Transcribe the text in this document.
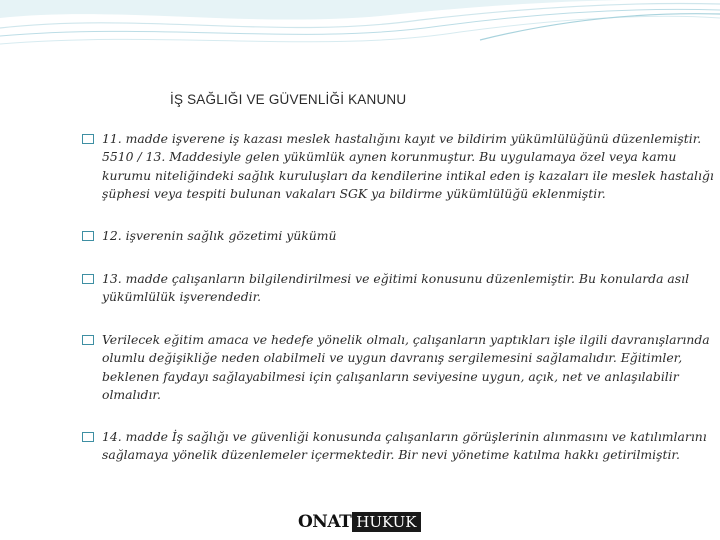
İŞ SAĞLIĞI VE GÜVENLİĞİ KANUNU
11. madde işverene iş kazası meslek hastalığını kayıt ve bildirim yükümlülüğünü düzenlemiştir. 5510 / 13. Maddesiyle gelen yükümlük aynen korunmuştur. Bu uygulamaya özel veya kamu kurumu niteliğindeki sağlık kuruluşları da kendilerine intikal eden iş kazaları ile meslek hastalığı şüphesi veya tespiti bulunan vakaları SGK ya bildirme yükümlülüğü eklenmiştir.
12. işverenin sağlık gözetimi yükümü
13. madde çalışanların bilgilendirilmesi ve eğitimi konusunu düzenlemiştir. Bu konularda asıl yükümlülük işverendedir.
Verilecek eğitim amaca ve hedefe yönelik olmalı, çalışanların yaptıkları işle ilgili davranışlarında olumlu değişikliğe neden olabilmeli ve uygun davranış sergilemesini sağlamalıdır. Eğitimler, beklenen faydayı sağlayabilmesi için çalışanların seviyesine uygun, açık, net ve anlaşılabilir olmalıdır.
14. madde İş sağlığı ve güvenliği konusunda çalışanların görüşlerinin alınmasını ve katılımlarını sağlamaya yönelik düzenlemeler içermektedir. Bir nevi yönetime katılma hakkı getirilmiştir.
ONAT HUKUK
